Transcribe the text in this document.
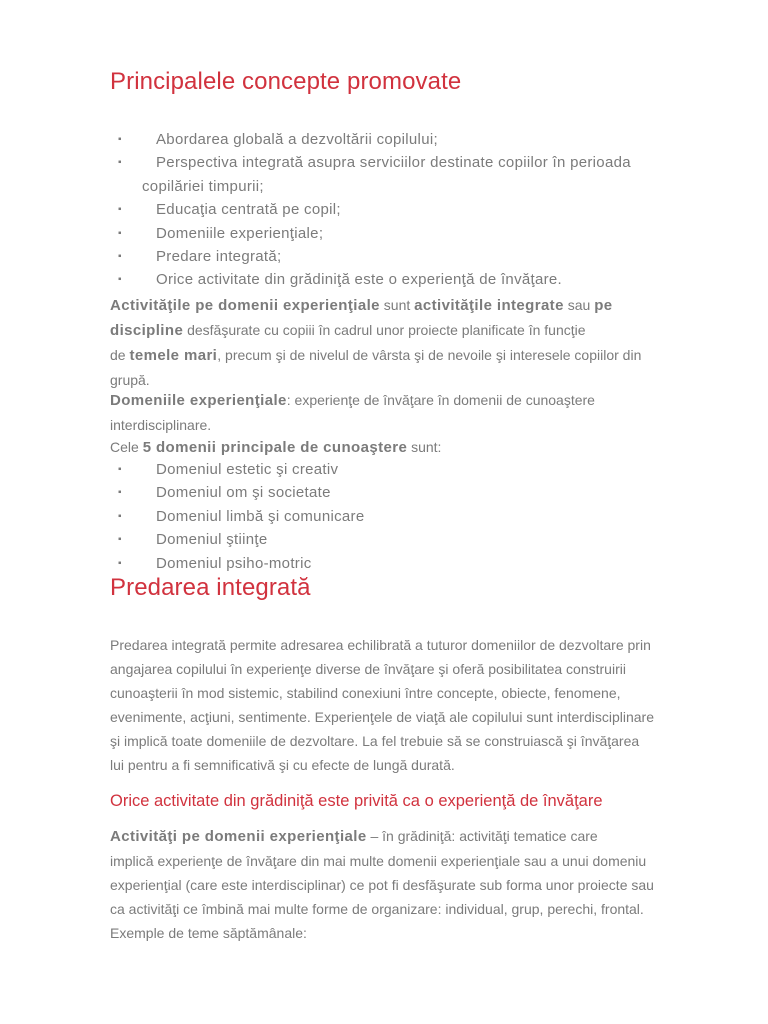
Principalele concepte promovate
▪	Abordarea globală a dezvoltării copilului;
▪	Perspectiva integrată asupra serviciilor destinate copiilor în perioada
copilăriei timpurii;
▪	Educaţia centrată pe copil;
▪	Domeniile experienţiale;
▪	Predare integrată;
▪	Orice activitate din grădiniţă este o experienţă de învăţare.
Activităţile pe domenii experienţiale sunt activităţile integrate sau pe
discipline desfăşurate cu copiii în cadrul unor proiecte planificate în funcţie
de temele mari, precum şi de nivelul de vârsta şi de nevoile şi interesele copiilor din
grupă.
Domeniile experienţiale: experienţe de învăţare în domenii de cunoaştere
interdisciplinare.
Cele 5 domenii principale de cunoaştere sunt:
▪	Domeniul estetic şi creativ
▪	Domeniul om şi societate
▪	Domeniul limbă şi comunicare
▪	Domeniul ştiinţe
▪	Domeniul psiho-motric
Predarea integrată
Predarea integrată permite adresarea echilibrată a tuturor domeniilor de dezvoltare prin
angajarea copilului în experienţe diverse de învăţare şi oferă posibilitatea construirii
cunoaşterii în mod sistemic, stabilind conexiuni între concepte, obiecte, fenomene,
evenimente, acţiuni, sentimente. Experienţele de viaţă ale copilului sunt interdisciplinare
şi implică toate domeniile de dezvoltare. La fel trebuie să se construiască şi învăţarea
lui pentru a fi semnificativă şi cu efecte de lungă durată.
Orice activitate din grădiniţă este privită ca o experienţă de învăţare
Activităţi pe domenii experienţiale – în grădiniţă: activităţi tematice care
implică experienţe de învăţare din mai multe domenii experienţiale sau a unui domeniu
experienţial (care este interdisciplinar) ce pot fi desfăşurate sub forma unor proiecte sau
ca activităţi ce îmbină mai multe forme de organizare: individual, grup, perechi, frontal.
Exemple de teme săptămânale:
